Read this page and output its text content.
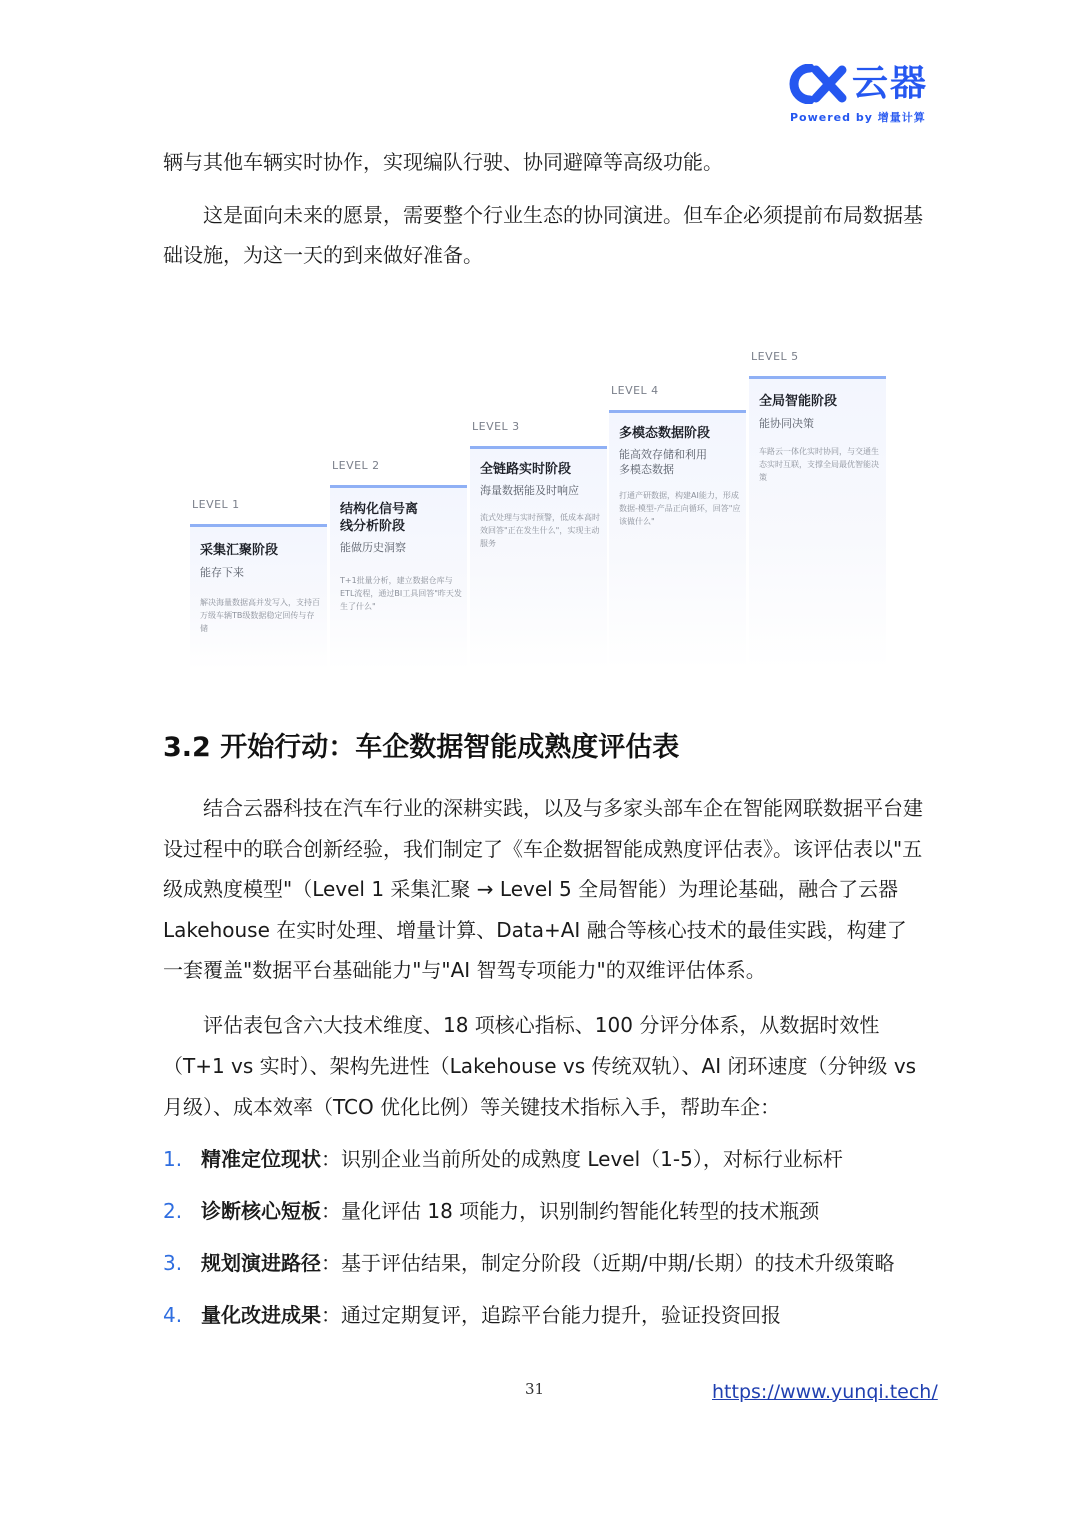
云器
Powered by 增量计算

辆与其他车辆实时协作，实现编队行驶、协同避障等高级功能。

这是面向未来的愿景，需要整个行业生态的协同演进。但车企必须提前布局数据基础设施，为这一天的到来做好准备。

LEVEL 1
采集汇聚阶段
能存下来
解决海量数据高并发写入，支持百万级车辆TB级数据稳定回传与存储
LEVEL 2
结构化信号离线分析阶段
能做历史洞察
T+1批量分析，建立数据仓库与ETL流程，通过BI工具回答"昨天发生了什么"
LEVEL 3
全链路实时阶段
海量数据能及时响应
流式处理与实时预警，低成本高时效回答"正在发生什么"，实现主动服务
LEVEL 4
多模态数据阶段
能高效存储和利用多模态数据
打通产研数据，构建AI能力，形成数据-模型-产品正向循环，回答"应该做什么"
LEVEL 5
全局智能阶段
能协同决策
车路云一体化实时协同，与交通生态实时互联，支撑全局最优智能决策
3.2 开始行动：车企数据智能成熟度评估表

结合云器科技在汽车行业的深耕实践，以及与多家头部车企在智能网联数据平台建设过程中的联合创新经验，我们制定了《车企数据智能成熟度评估表》。该评估表以"五级成熟度模型"（Level 1 采集汇聚 → Level 5 全局智能）为理论基础，融合了云器 Lakehouse 在实时处理、增量计算、Data+AI 融合等核心技术的最佳实践，构建了一套覆盖"数据平台基础能力"与"AI 智驾专项能力"的双维评估体系。

评估表包含六大技术维度、18 项核心指标、100 分评分体系，从数据时效性（T+1 vs 实时）、架构先进性（Lakehouse vs 传统双轨）、AI 闭环速度（分钟级 vs 月级）、成本效率（TCO 优化比例）等关键技术指标入手，帮助车企：

1. 精准定位现状：识别企业当前所处的成熟度 Level（1-5），对标行业标杆
2. 诊断核心短板：量化评估 18 项能力，识别制约智能化转型的技术瓶颈
3. 规划演进路径：基于评估结果，制定分阶段（近期/中期/长期）的技术升级策略
4. 量化改进成果：通过定期复评，追踪平台能力提升，验证投资回报
31	https://www.yunqi.tech/
